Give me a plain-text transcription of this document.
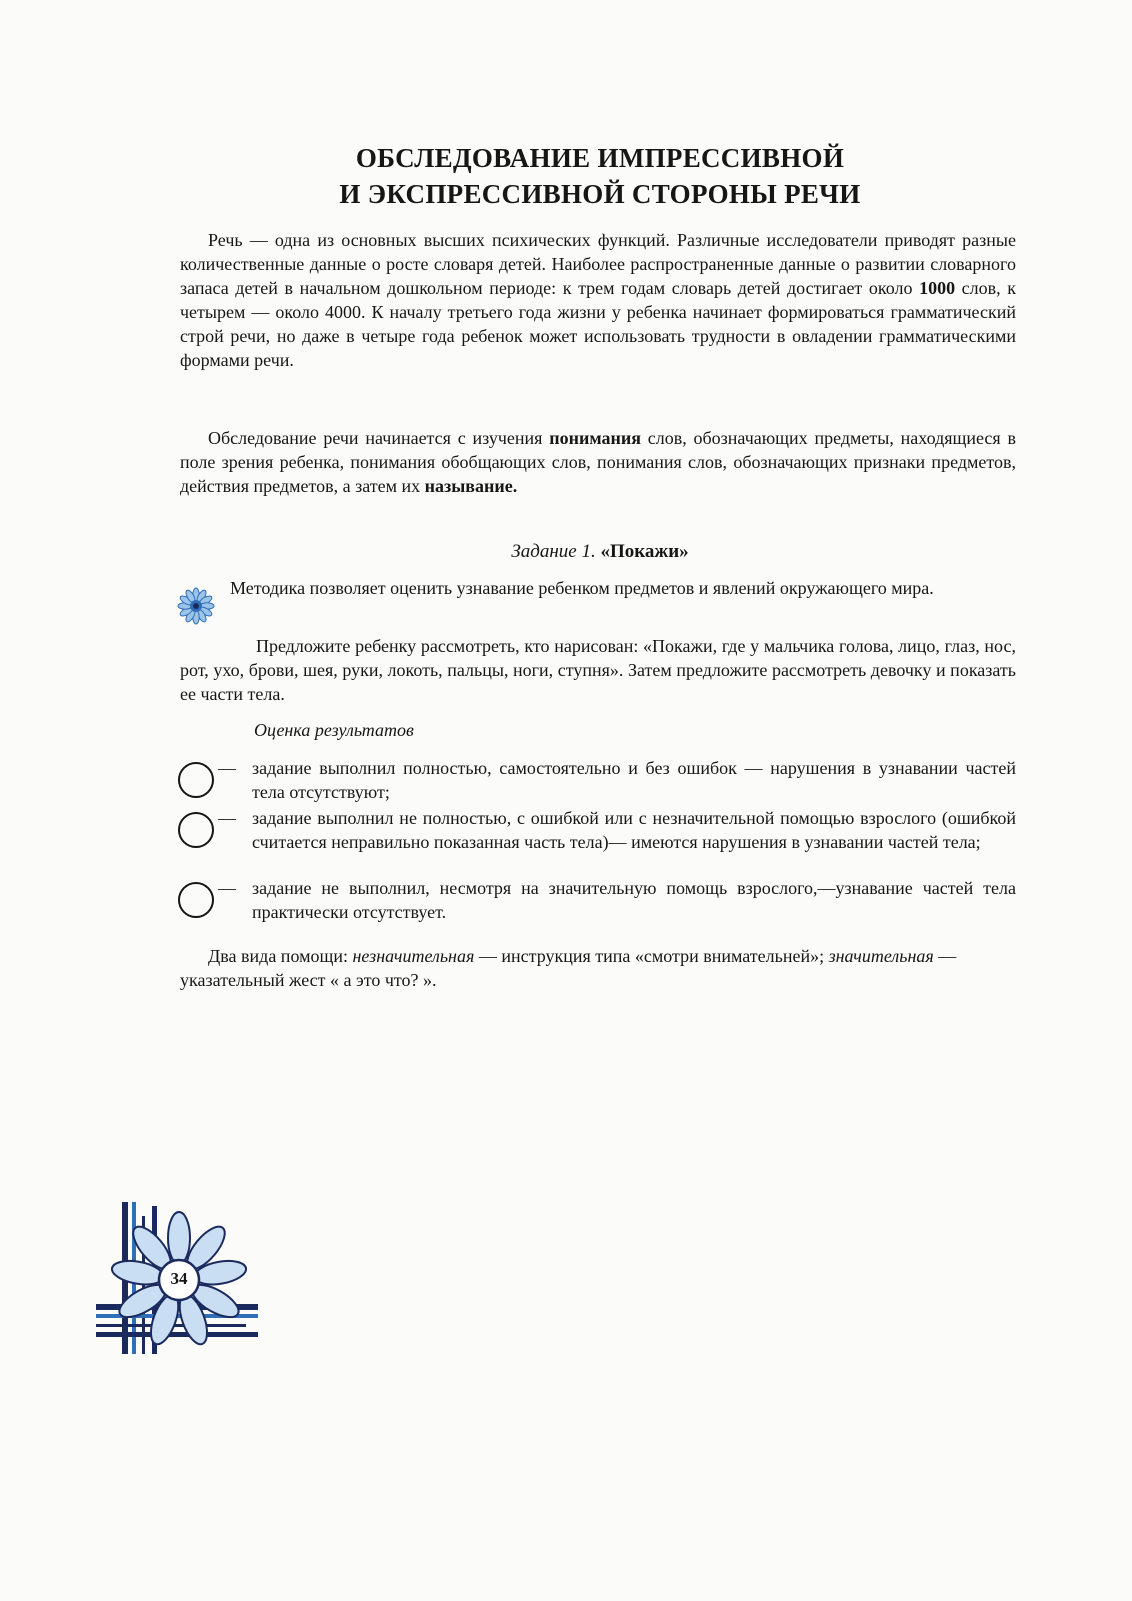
ОБСЛЕДОВАНИЕ ИМПРЕССИВНОЙ
И ЭКСПРЕССИВНОЙ СТОРОНЫ РЕЧИ

Речь — одна из основных высших психических функций. Различные исследователи приводят разные количественные данные о росте словаря детей. Наиболее распространенные данные о развитии словарного запаса детей в начальном дошкольном периоде: к трем годам словарь детей достигает около 1000 слов, к четырем — около 4000. К началу третьего года жизни у ребенка начинает формироваться грамматический строй речи, но даже в четыре года ребенок может использовать трудности в овладении грамматическими формами речи.

Обследование речи начинается с изучения понимания слов, обозначающих предметы, находящиеся в поле зрения ребенка, понимания обобщающих слов, понимания слов, обозначающих признаки предметов, действия предметов, а затем их называние.

Задание 1. «Покажи»

Методика позволяет оценить узнавание ребенком предметов и явлений окружающего мира.

Предложите ребенку рассмотреть, кто нарисован: «Покажи, где у мальчика голова, лицо, глаз, нос, рот, ухо, брови, шея, руки, локоть, пальцы, ноги, ступня». Затем предложите рассмотреть девочку и показать ее части тела.

Оценка результатов
— задание выполнил полностью, самостоятельно и без ошибок — нарушения в узнавании частей тела отсутствуют;

— задание выполнил не полностью, с ошибкой или с незначительной помощью взрослого (ошибкой считается неправильно показанная часть тела)— имеются нарушения в узнавании частей тела;

— задание не выполнил, несмотря на значительную помощь взрослого,—узнавание частей тела практически отсутствует.

Два вида помощи: незначительная — инструкция типа «смотри внимательней»; значительная — указательный жест « а это что? ».

34
